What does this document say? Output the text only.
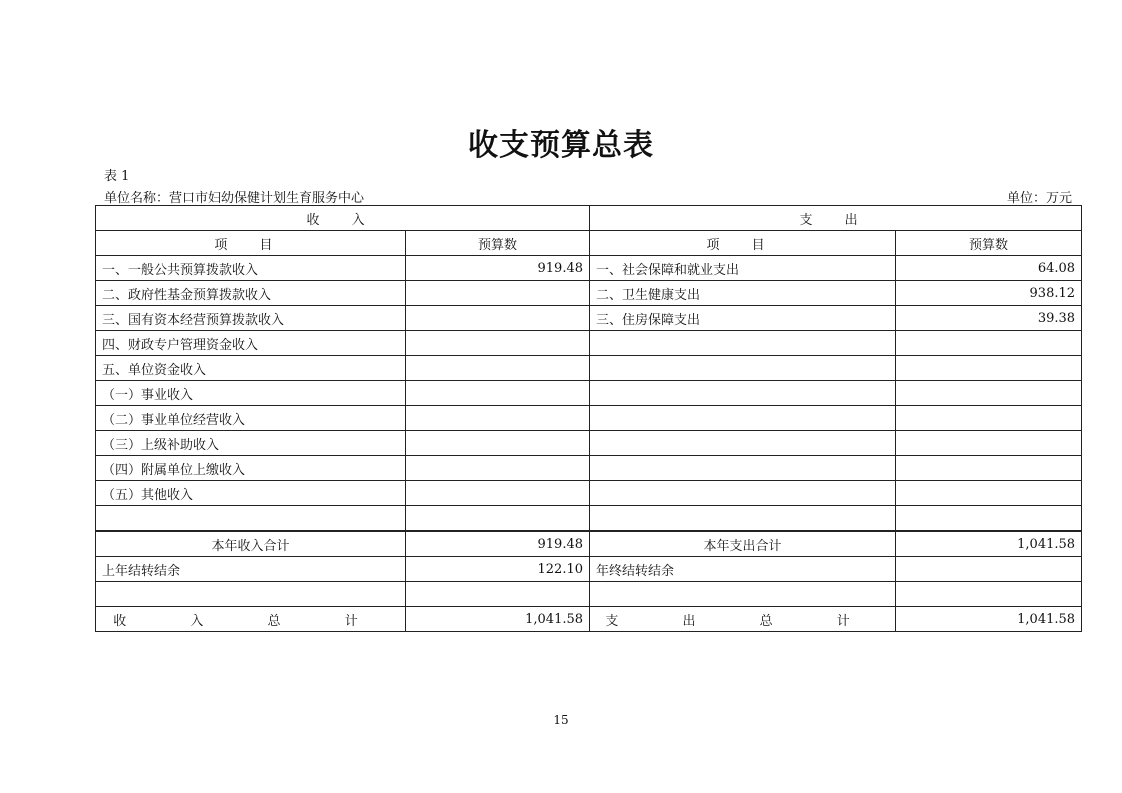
收支预算总表
表 1
单位名称：营口市妇幼保健计划生育服务中心	单位：万元
收 入		支 出	
项 目	预算数	项 目	预算数
一、一般公共预算拨款收入	919.48	一、社会保障和就业支出	64.08
二、政府性基金预算拨款收入		二、卫生健康支出	938.12
三、国有资本经营预算拨款收入		三、住房保障支出	39.38
四、财政专户管理资金收入			
五、单位资金收入			
（一）事业收入			
（二）事业单位经营收入			
（三）上级补助收入			
（四）附属单位上缴收入			
（五）其他收入			

本年收入合计	919.48	本年支出合计	1,041.58
上年结转结余	122.10	年终结转结余	

收 入 总 计	1,041.58	支 出 总 计	1,041.58
15
